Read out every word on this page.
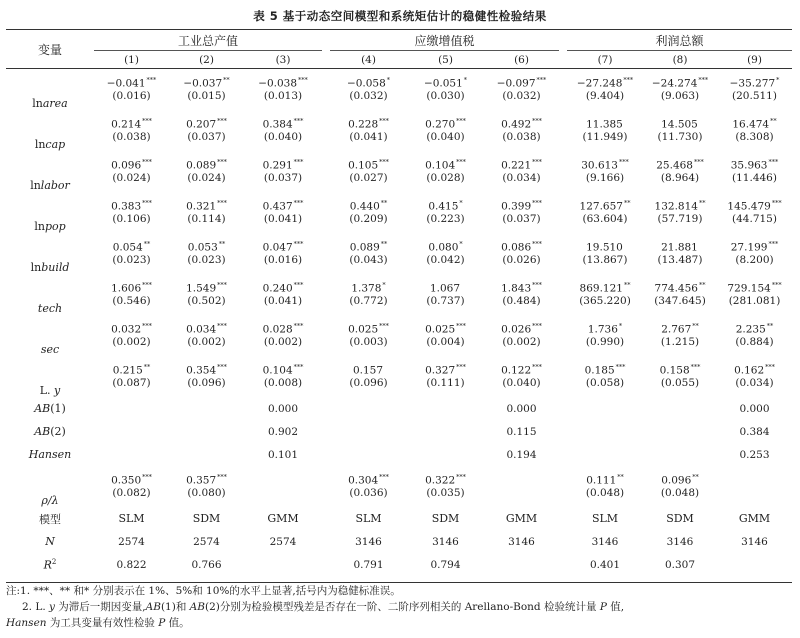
表 5 基于动态空间模型和系统矩估计的稳健性检验结果

变量	工业总产值				应缴增值税				利润总额		
	(1)	(2)	(3)		(4)	(5)	(6)		(7)	(8)	(9)
lnarea	−0.041***	−0.037**	−0.038***		−0.058*	−0.051*	−0.097***		−27.248***	−24.274***	−35.277*
	(0.016)	(0.015)	(0.013)		(0.032)	(0.030)	(0.032)		(9.404)	(9.063)	(20.511)
lncap	0.214***	0.207***	0.384***		0.228***	0.270***	0.492***		11.385	14.505	16.474**
	(0.038)	(0.037)	(0.040)		(0.041)	(0.040)	(0.038)		(11.949)	(11.730)	(8.308)
lnlabor	0.096***	0.089***	0.291***		0.105***	0.104***	0.221***		30.613***	25.468***	35.963***
	(0.024)	(0.024)	(0.037)		(0.027)	(0.028)	(0.034)		(9.166)	(8.964)	(11.446)
lnpop	0.383***	0.321***	0.437***		0.440**	0.415*	0.399***		127.657**	132.814**	145.479***
	(0.106)	(0.114)	(0.041)		(0.209)	(0.223)	(0.037)		(63.604)	(57.719)	(44.715)
lnbuild	0.054**	0.053**	0.047***		0.089**	0.080*	0.086***		19.510	21.881	27.199***
	(0.023)	(0.023)	(0.016)		(0.043)	(0.042)	(0.026)		(13.867)	(13.487)	(8.200)
tech	1.606***	1.549***	0.240***		1.378*	1.067	1.843***		869.121**	774.456**	729.154***
	(0.546)	(0.502)	(0.041)		(0.772)	(0.737)	(0.484)		(365.220)	(347.645)	(281.081)
sec	0.032***	0.034***	0.028***		0.025***	0.025***	0.026***		1.736*	2.767**	2.235**
	(0.002)	(0.002)	(0.002)		(0.003)	(0.004)	(0.002)		(0.990)	(1.215)	(0.884)
L. y	0.215**	0.354***	0.104***		0.157	0.327***	0.122***		0.185***	0.158***	0.162***
	(0.087)	(0.096)	(0.008)		(0.096)	(0.111)	(0.040)		(0.058)	(0.055)	(0.034)
AB(1)			0.000				0.000				0.000
AB(2)			0.902				0.115				0.384
Hansen			0.101				0.194				0.253
ρ/λ	0.350***	0.357***			0.304***	0.322***			0.111**	0.096**	
	(0.082)	(0.080)			(0.036)	(0.035)			(0.048)	(0.048)	
模型	SLM	SDM	GMM		SLM	SDM	GMM		SLM	SDM	GMM
N	2574	2574	2574		3146	3146	3146		3146	3146	3146
$R^2$	0.822	0.766			0.791	0.794			0.401	0.307	
注:1. ***、** 和* 分别表示在 1%、5%和 10%的水平上显著,括号内为稳健标准误。
2. L. y 为滞后一期因变量,AB(1)和 AB(2)分别为检验模型残差是否存在一阶、二阶序列相关的 Arellano-Bond 检验统计量 P 值,
Hansen 为工具变量有效性检验 P 值。
